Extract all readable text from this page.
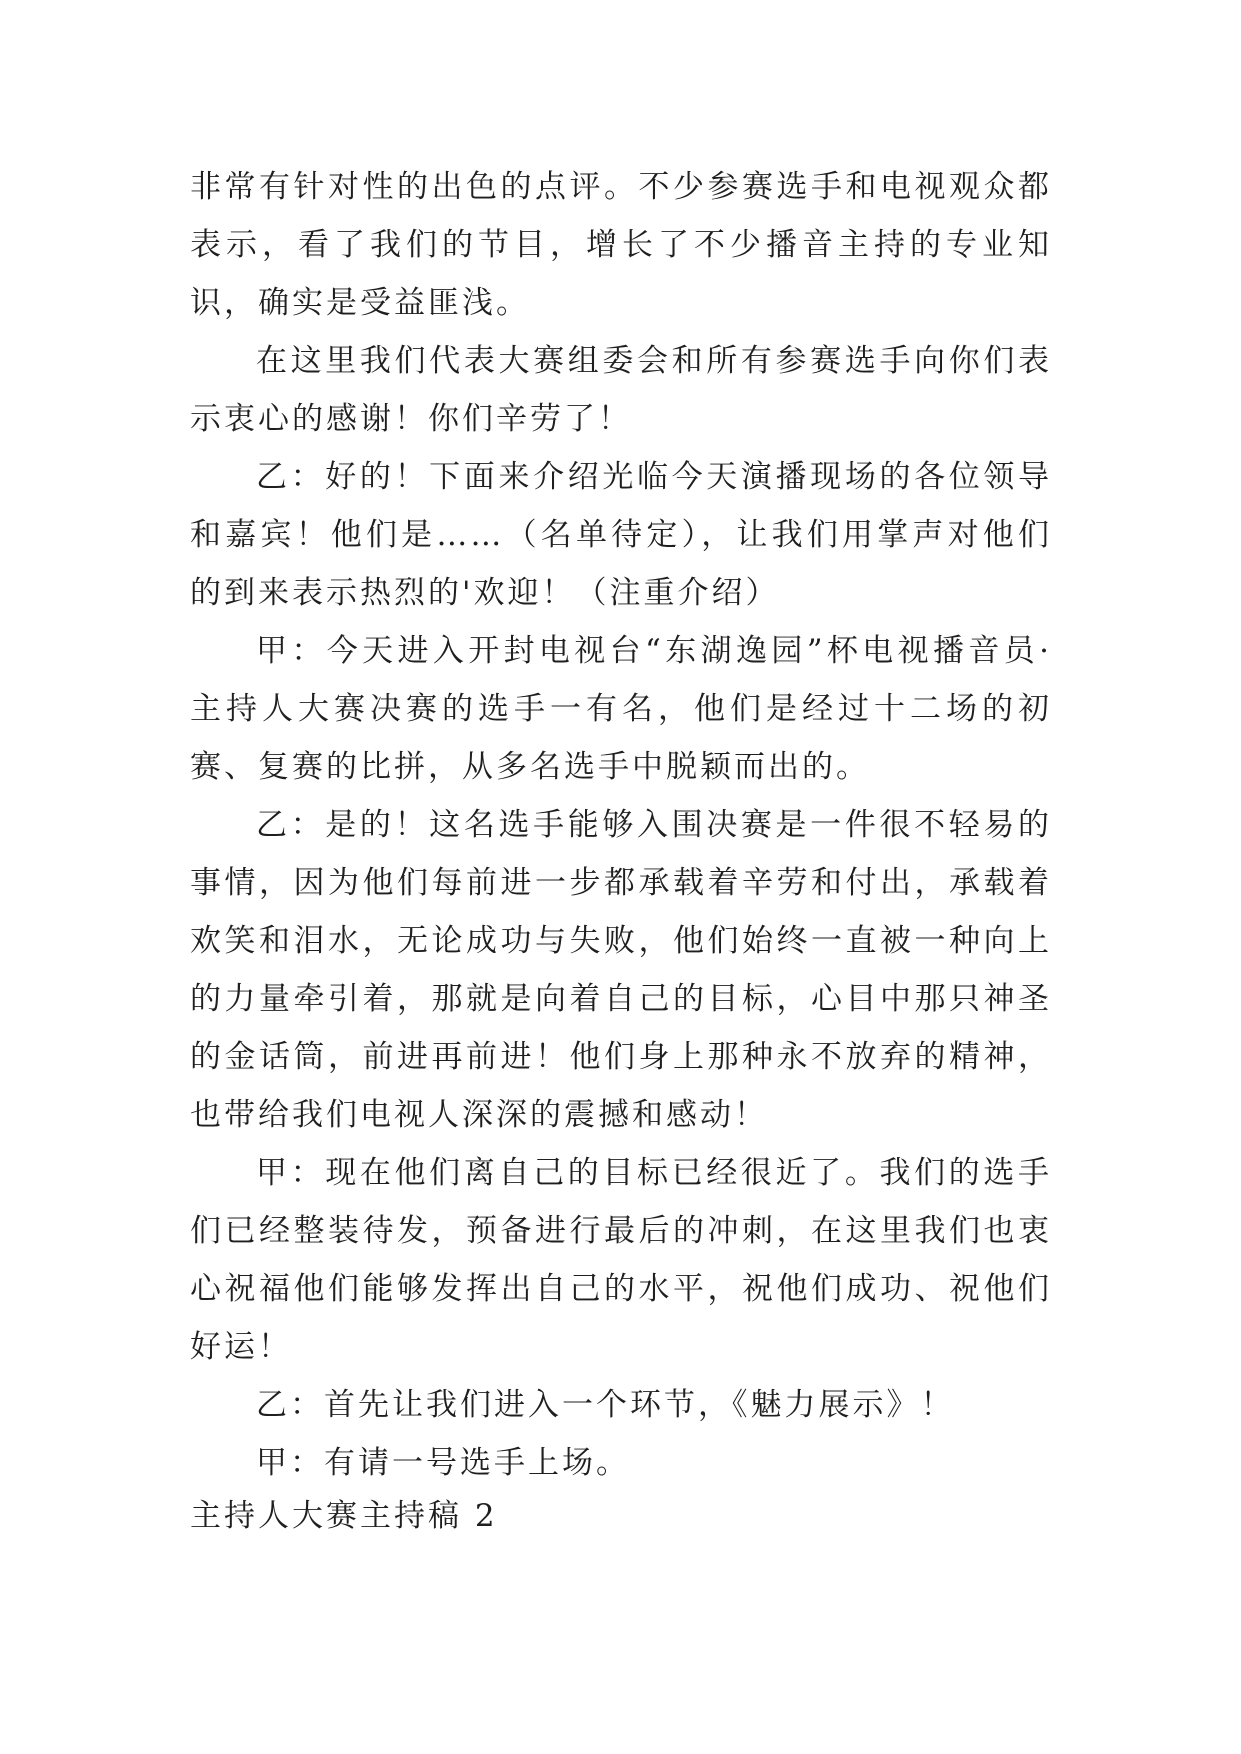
非常有针对性的出色的点评。不少参赛选手和电视观众都表示，看了我们的节目，增长了不少播音主持的专业知识，确实是受益匪浅。

在这里我们代表大赛组委会和所有参赛选手向你们表示衷心的感谢！你们辛劳了！

乙：好的！下面来介绍光临今天演播现场的各位领导和嘉宾！他们是……（名单待定），让我们用掌声对他们的到来表示热烈的'欢迎！（注重介绍）

甲：今天进入开封电视台“东湖逸园”杯电视播音员·主持人大赛决赛的选手一有名，他们是经过十二场的初赛、复赛的比拼，从多名选手中脱颖而出的。

乙：是的！这名选手能够入围决赛是一件很不轻易的事情，因为他们每前进一步都承载着辛劳和付出，承载着欢笑和泪水，无论成功与失败，他们始终一直被一种向上的力量牵引着，那就是向着自己的目标，心目中那只神圣的金话筒，前进再前进！他们身上那种永不放弃的精神，也带给我们电视人深深的震撼和感动！

甲：现在他们离自己的目标已经很近了。我们的选手们已经整装待发，预备进行最后的冲刺，在这里我们也衷心祝福他们能够发挥出自己的水平，祝他们成功、祝他们好运！

乙：首先让我们进入一个环节，《魅力展示》！

甲：有请一号选手上场。

主持人大赛主持稿 2
